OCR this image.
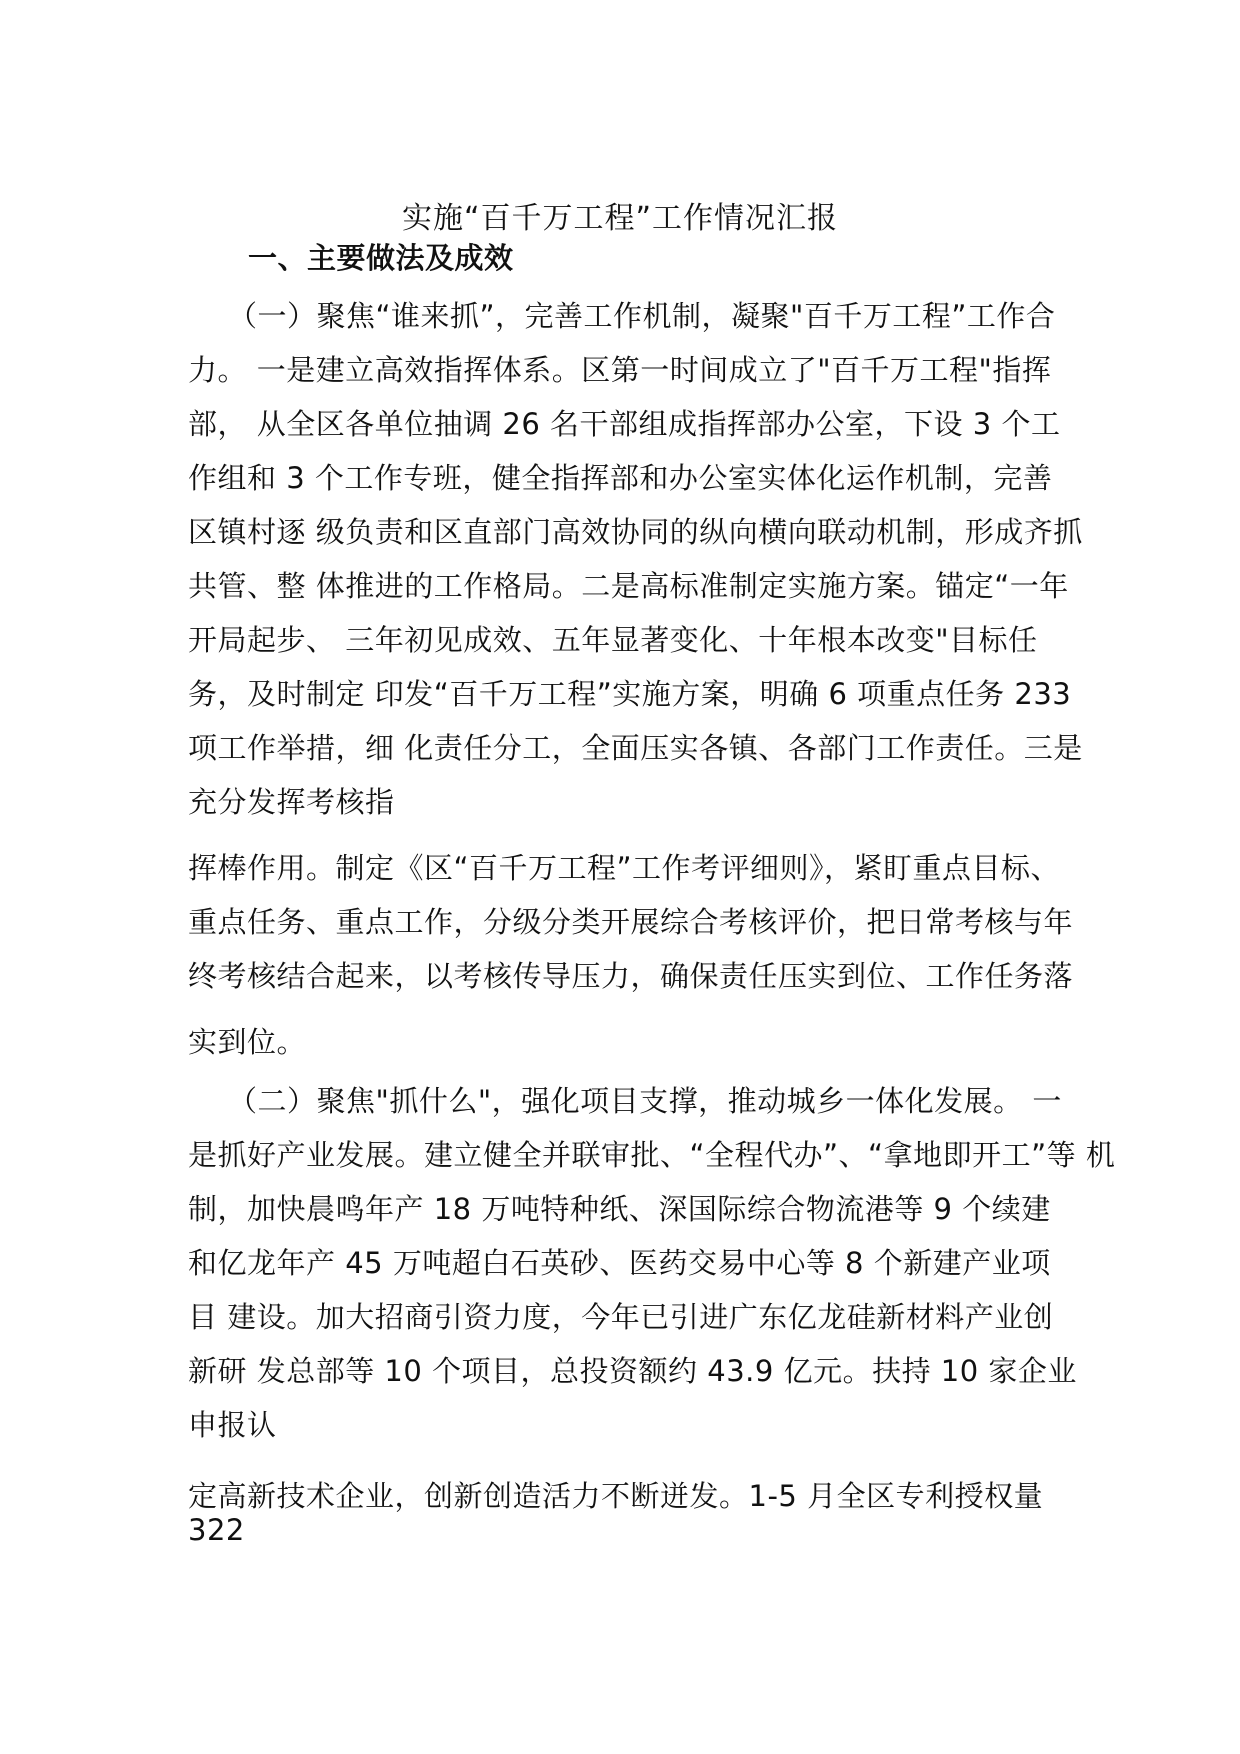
实施“百千万工程”工作情况汇报
一、主要做法及成效
（一）聚焦“谁来抓”，完善工作机制，凝聚"百千万工程”工作合
力。 一是建立高效指挥体系。区第一时间成立了"百千万工程"指挥
部， 从全区各单位抽调 26 名干部组成指挥部办公室，下设 3 个工
作组和 3 个工作专班，健全指挥部和办公室实体化运作机制，完善
区镇村逐 级负责和区直部门高效协同的纵向横向联动机制，形成齐抓
共管、整 体推进的工作格局。二是高标准制定实施方案。锚定“一年
开局起步、 三年初见成效、五年显著变化、十年根本改变"目标任
务，及时制定 印发“百千万工程”实施方案，明确 6 项重点任务 233
项工作举措，细 化责任分工，全面压实各镇、各部门工作责任。三是
充分发挥考核指
挥棒作用。制定《区“百千万工程”工作考评细则》，紧盯重点目标、
重点任务、重点工作，分级分类开展综合考核评价，把日常考核与年
终考核结合起来，以考核传导压力，确保责任压实到位、工作任务落
实到位。
（二）聚焦"抓什么"，强化项目支撑，推动城乡一体化发展。 一
是抓好产业发展。建立健全并联审批、“全程代办”、“拿地即开工”等 机
制，加快晨鸣年产 18 万吨特种纸、深国际综合物流港等 9 个续建
和亿龙年产 45 万吨超白石英砂、医药交易中心等 8 个新建产业项
目 建设。加大招商引资力度，今年已引进广东亿龙硅新材料产业创
新研 发总部等 10 个项目，总投资额约 43.9 亿元。扶持 10 家企业
申报认
定高新技术企业，创新创造活力不断迸发。1-5 月全区专利授权量
322
